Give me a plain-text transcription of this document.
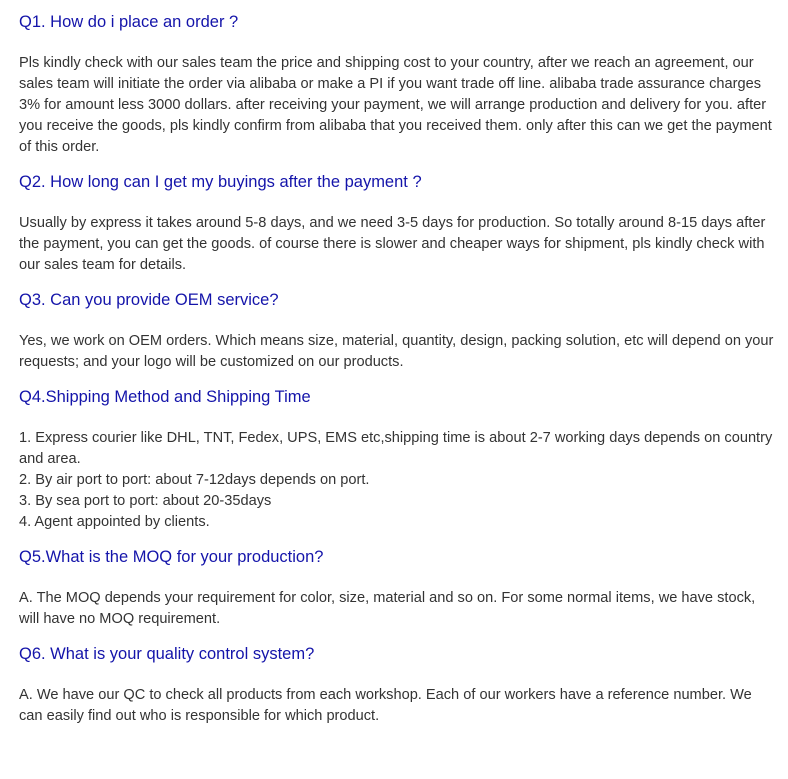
Q1. How do i place an order ?

Pls kindly check with our sales team the price and shipping cost to your country, after we reach an agreement, our sales team will initiate the order via alibaba or make a PI if you want trade off line. alibaba trade assurance charges 3% for amount less 3000 dollars. after receiving your payment, we will arrange production and delivery for you. after you receive the goods, pls kindly confirm from alibaba that you received them. only after this can we get the payment of this order.

Q2. How long can I get my buyings after the payment ?

Usually by express it takes around 5-8 days, and we need 3-5 days for production. So totally around 8-15 days after the payment, you can get the goods. of course there is slower and cheaper ways for shipment, pls kindly check with our sales team for details.

Q3. Can you provide OEM service?

Yes, we work on OEM orders. Which means size, material, quantity, design, packing solution, etc will depend on your requests; and your logo will be customized on our products.

Q4.Shipping Method and Shipping Time

1. Express courier like DHL, TNT, Fedex, UPS, EMS etc,shipping time is about 2-7 working days depends on country and area.

2. By air port to port: about 7-12days depends on port.

3. By sea port to port: about 20-35days

4. Agent appointed by clients.

Q5.What is the MOQ for your production?

A. The MOQ depends your requirement for color, size, material and so on. For some normal items, we have stock, will have no MOQ requirement.

Q6. What is your quality control system?

A. We have our QC to check all products from each workshop. Each of our workers have a reference number. We can easily find out who is responsible for which product.
